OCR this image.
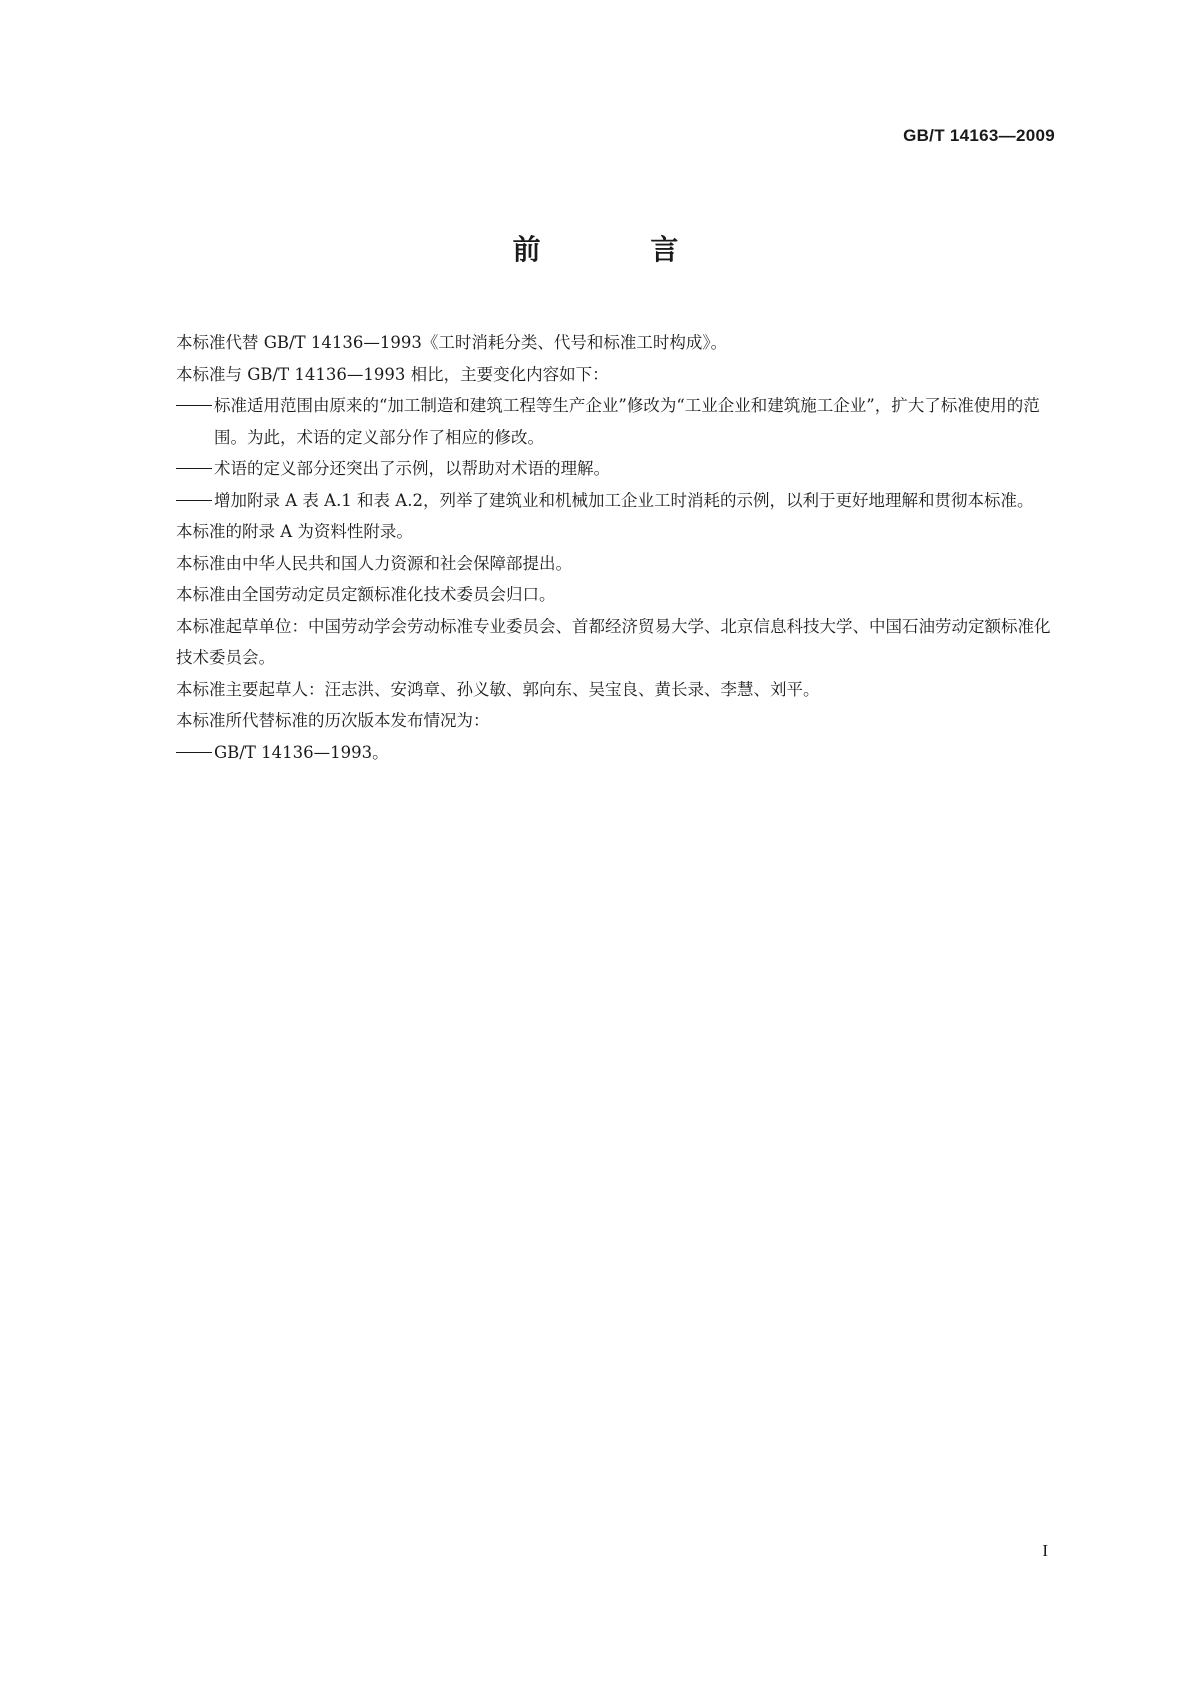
GB/T 14163—2009
前 言

本标准代替 GB/T 14136—1993《工时消耗分类、代号和标准工时构成》。

本标准与 GB/T 14136—1993 相比，主要变化内容如下：

标准适用范围由原来的“加工制造和建筑工程等生产企业”修改为“工业企业和建筑施工企业”，扩大了标准使用的范围。为此，术语的定义部分作了相应的修改。

术语的定义部分还突出了示例，以帮助对术语的理解。

增加附录 A 表 A.1 和表 A.2，列举了建筑业和机械加工企业工时消耗的示例，以利于更好地理解和贯彻本标准。

本标准的附录 A 为资料性附录。

本标准由中华人民共和国人力资源和社会保障部提出。

本标准由全国劳动定员定额标准化技术委员会归口。

本标准起草单位：中国劳动学会劳动标准专业委员会、首都经济贸易大学、北京信息科技大学、中国石油劳动定额标准化技术委员会。

本标准主要起草人：汪志洪、安鸿章、孙义敏、郭向东、吴宝良、黄长录、李慧、刘平。

本标准所代替标准的历次版本发布情况为：

GB/T 14136—1993。

I
